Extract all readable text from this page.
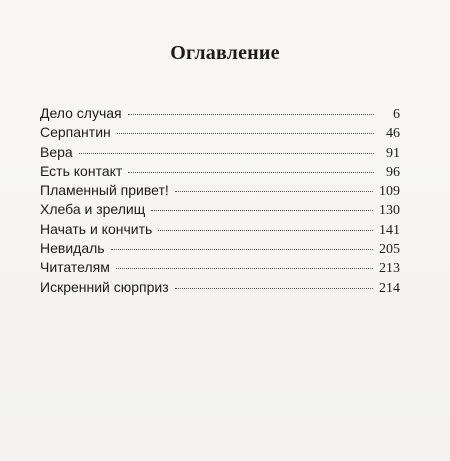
Оглавление
Дело случая	6
Серпантин	46
Вера	91
Есть контакт	96
Пламенный привет!	109
Хлеба и зрелищ	130
Начать и кончить	141
Невидаль	205
Читателям	213
Искренний сюрприз	214
